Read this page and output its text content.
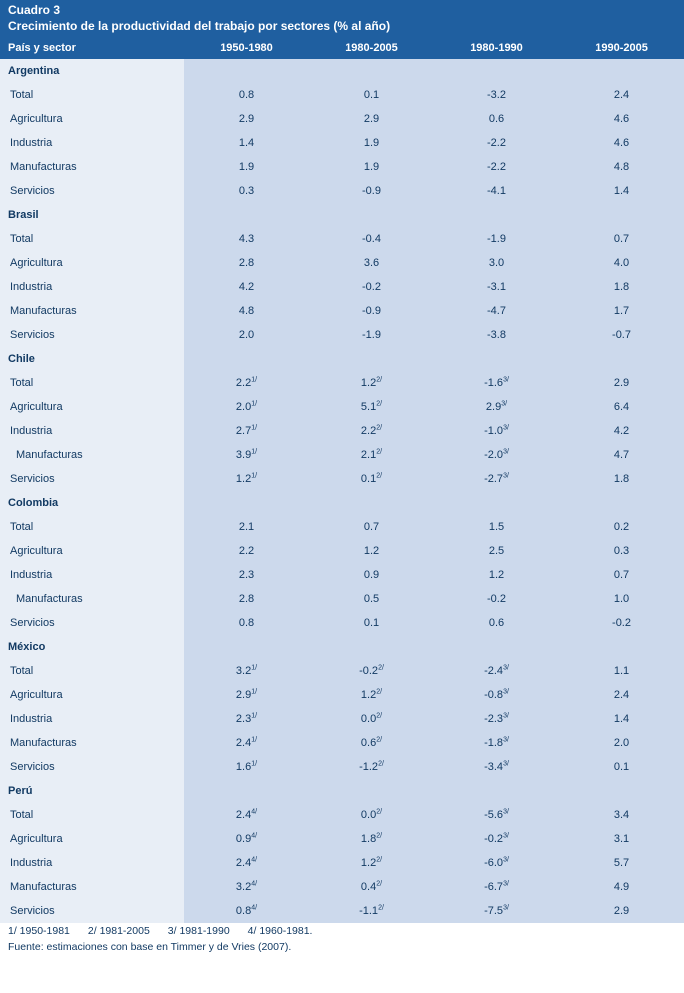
Cuadro 3				
Crecimiento de la productividad del trabajo por sectores (% al año)				
País y sector	1950-1980	1980-2005	1980-1990	1990-2005
Argentina				
Total	0.8	0.1	-3.2	2.4
Agricultura	2.9	2.9	0.6	4.6
Industria	1.4	1.9	-2.2	4.6
Manufacturas	1.9	1.9	-2.2	4.8
Servicios	0.3	-0.9	-4.1	1.4
Brasil				
Total	4.3	-0.4	-1.9	0.7
Agricultura	2.8	3.6	3.0	4.0
Industria	4.2	-0.2	-3.1	1.8
Manufacturas	4.8	-0.9	-4.7	1.7
Servicios	2.0	-1.9	-3.8	-0.7
Chile				
Total	$2.2^{1/}$	$1.2^{2/}$	$-1.6^{3/}$	2.9
Agricultura	$2.0^{1/}$	$5.1^{2/}$	$2.9^{3/}$	6.4
Industria	$2.7^{1/}$	$2.2^{2/}$	$-1.0^{3/}$	4.2
Manufacturas	$3.9^{1/}$	$2.1^{2/}$	$-2.0^{3/}$	4.7
Servicios	$1.2^{1/}$	$0.1^{2/}$	$-2.7^{3/}$	1.8
Colombia				
Total	2.1	0.7	1.5	0.2
Agricultura	2.2	1.2	2.5	0.3
Industria	2.3	0.9	1.2	0.7
Manufacturas	2.8	0.5	-0.2	1.0
Servicios	0.8	0.1	0.6	-0.2
México				
Total	$3.2^{1/}$	$-0.2^{2/}$	$-2.4^{3/}$	1.1
Agricultura	$2.9^{1/}$	$1.2^{2/}$	$-0.8^{3/}$	2.4
Industria	$2.3^{1/}$	$0.0^{2/}$	$-2.3^{3/}$	1.4
Manufacturas	$2.4^{1/}$	$0.6^{2/}$	$-1.8^{3/}$	2.0
Servicios	$1.6^{1/}$	$-1.2^{2/}$	$-3.4^{3/}$	0.1
Perú				
Total	$2.4^{4/}$	$0.0^{2/}$	$-5.6^{3/}$	3.4
Agricultura	$0.9^{4/}$	$1.8^{2/}$	$-0.2^{3/}$	3.1
Industria	$2.4^{4/}$	$1.2^{2/}$	$-6.0^{3/}$	5.7
Manufacturas	$3.2^{4/}$	$0.4^{2/}$	$-6.7^{3/}$	4.9
Servicios	$0.8^{4/}$	$-1.1^{2/}$	$-7.5^{3/}$	2.9
1/ 1950-1981 2/ 1981-2005 3/ 1981-1990 4/ 1960-1981.
Fuente: estimaciones con base en Timmer y de Vries (2007).
